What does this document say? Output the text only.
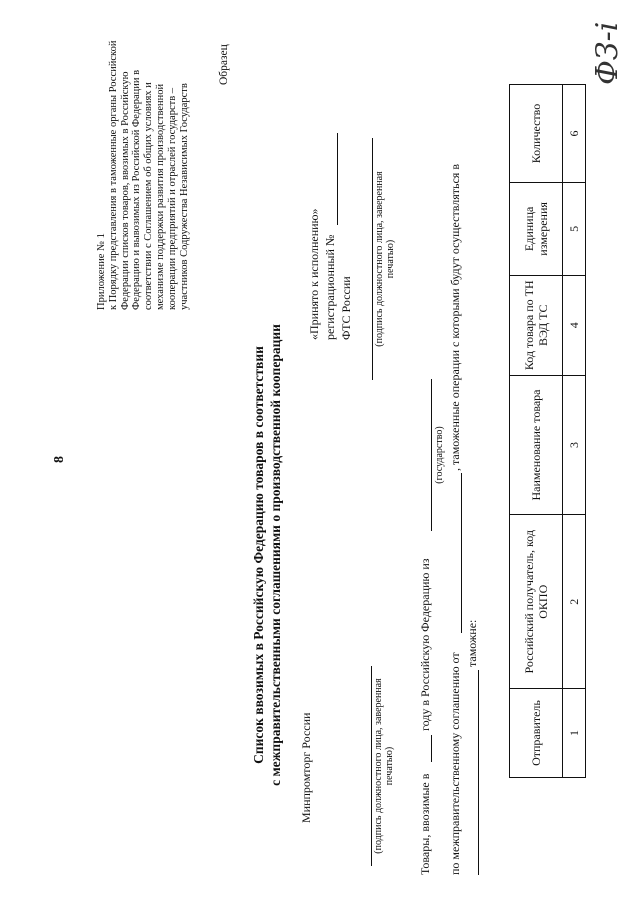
8
ФЗ-i
Приложение № 1 к Порядку представления в таможенные органы Российской Федерации списков товаров, ввозимых в Российскую Федерацию и вывозимых из Российской Федерации в соответствии с Соглашением об общих условиях и механизме поддержки развития производственной кооперации предприятий и отраслей государств – участников Содружества Независимых Государств
Образец
Список ввозимых в Российскую Федерацию товаров в соответствии с межправительственными соглашениями о производственной кооперации Минпромторг России
«Принято к исполнению» регистрационный № ФТС России
(подпись должностного лица, заверенная печатью)
(подпись должностного лица, заверенная печатью)
Товары, ввозимые в
году в Российскую Федерацию из
(государство)
по межправительственному соглашению от
, таможенные операции с которыми будут осуществляться в
таможне:
Отправитель	Российский получатель, код ОКПО	Наименование товара	Код товара по ТН ВЭД ТС	Единица измерения	Количество
1	2	3	4	5	6
